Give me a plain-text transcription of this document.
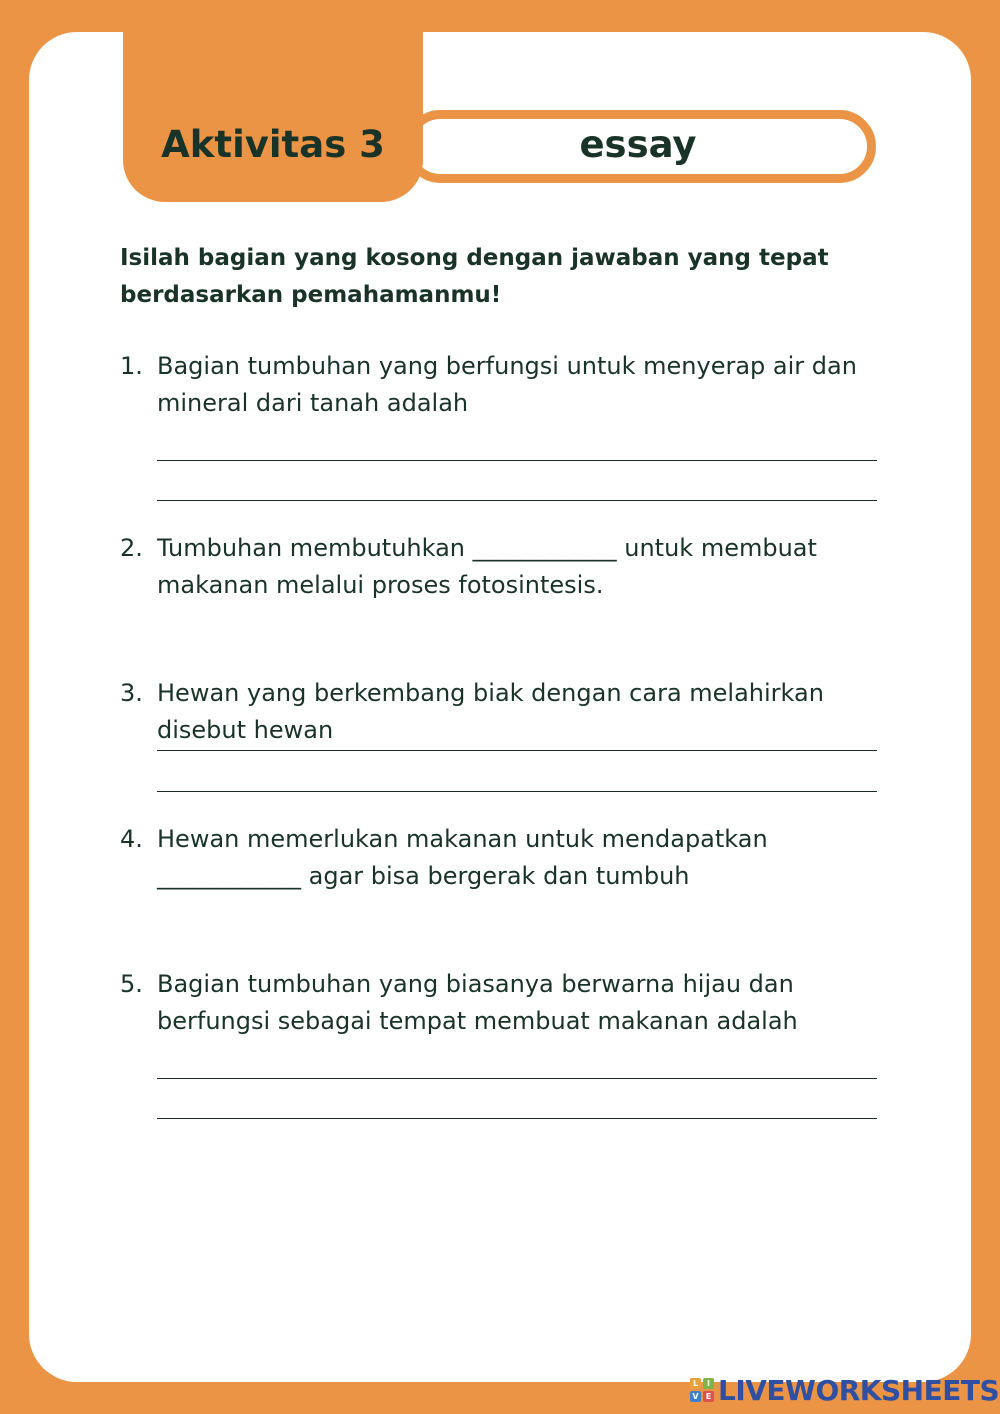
Aktivitas 3	essay
Isilah bagian yang kosong dengan jawaban yang tepat berdasarkan pemahamanmu!
1. Bagian tumbuhan yang berfungsi untuk menyerap air dan mineral dari tanah adalah
2. Tumbuhan membutuhkan ____________ untuk membuat makanan melalui proses fotosintesis.
3. Hewan yang berkembang biak dengan cara melahirkan disebut hewan
4. Hewan memerlukan makanan untuk mendapatkan ____________ agar bisa bergerak dan tumbuh
5. Bagian tumbuhan yang biasanya berwarna hijau dan berfungsi sebagai tempat membuat makanan adalah
L	I
V E LIVEWORKSHEETS
